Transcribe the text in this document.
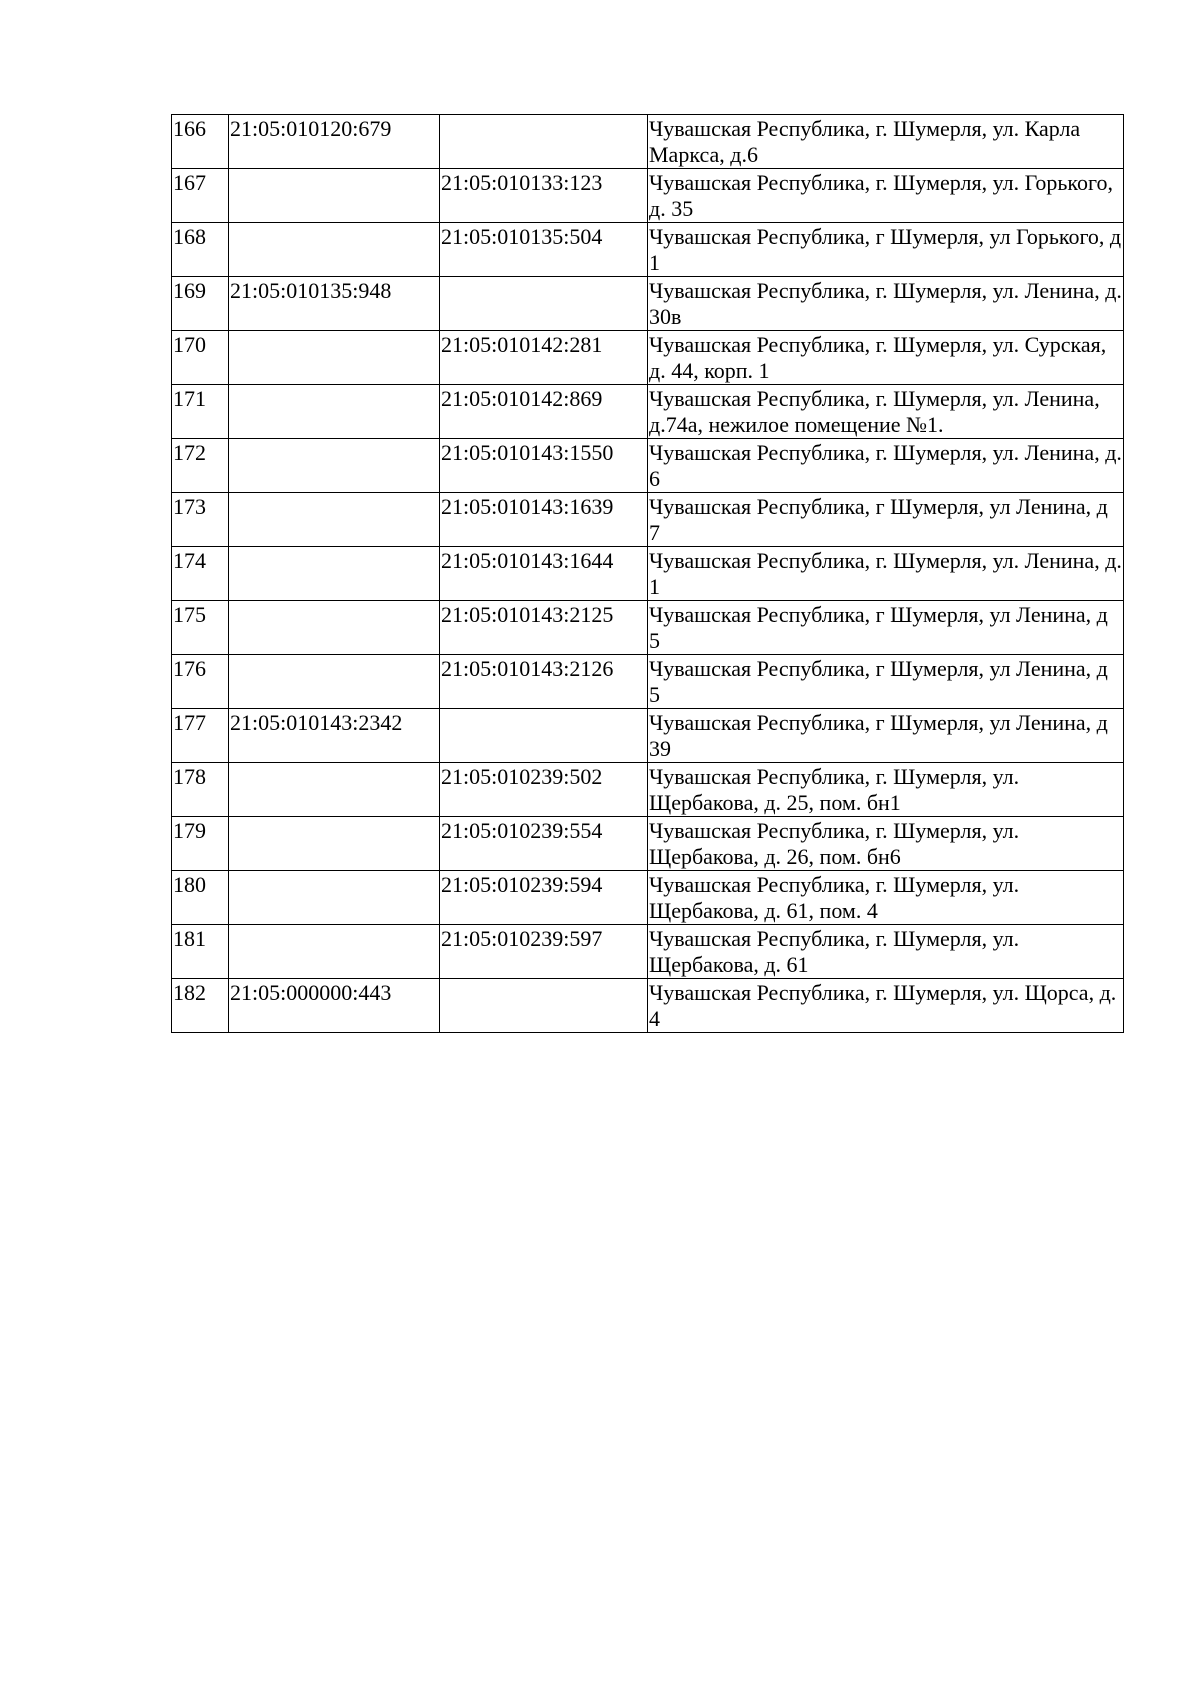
166	21:05:010120:679		Чувашская Республика, г. Шумерля, ул. Карла Маркса, д.6

167		21:05:010133:123	Чувашская Республика, г. Шумерля, ул. Горького, д. 35

168		21:05:010135:504	Чувашская Республика, г Шумерля, ул Горького, д 1

169	21:05:010135:948		Чувашская Республика, г. Шумерля, ул. Ленина, д. 30в

170		21:05:010142:281	Чувашская Республика, г. Шумерля, ул. Сурская, д. 44, корп. 1

171		21:05:010142:869	Чувашская Республика, г. Шумерля, ул. Ленина, д.74а, нежилое помещение №1.

172		21:05:010143:1550	Чувашская Республика, г. Шумерля, ул. Ленина, д. 6

173		21:05:010143:1639	Чувашская Республика, г Шумерля, ул Ленина, д 7

174		21:05:010143:1644	Чувашская Республика, г. Шумерля, ул. Ленина, д. 1

175		21:05:010143:2125	Чувашская Республика, г Шумерля, ул Ленина, д 5

176		21:05:010143:2126	Чувашская Республика, г Шумерля, ул Ленина, д 5

177	21:05:010143:2342		Чувашская Республика, г Шумерля, ул Ленина, д 39

178		21:05:010239:502	Чувашская Республика, г. Шумерля, ул. Щербакова, д. 25, пом. бн1

179		21:05:010239:554	Чувашская Республика, г. Шумерля, ул. Щербакова, д. 26, пом. бн6

180		21:05:010239:594	Чувашская Республика, г. Шумерля, ул. Щербакова, д. 61, пом. 4

181		21:05:010239:597	Чувашская Республика, г. Шумерля, ул. Щербакова, д. 61

182	21:05:000000:443		Чувашская Республика, г. Шумерля, ул. Щорса, д. 4
